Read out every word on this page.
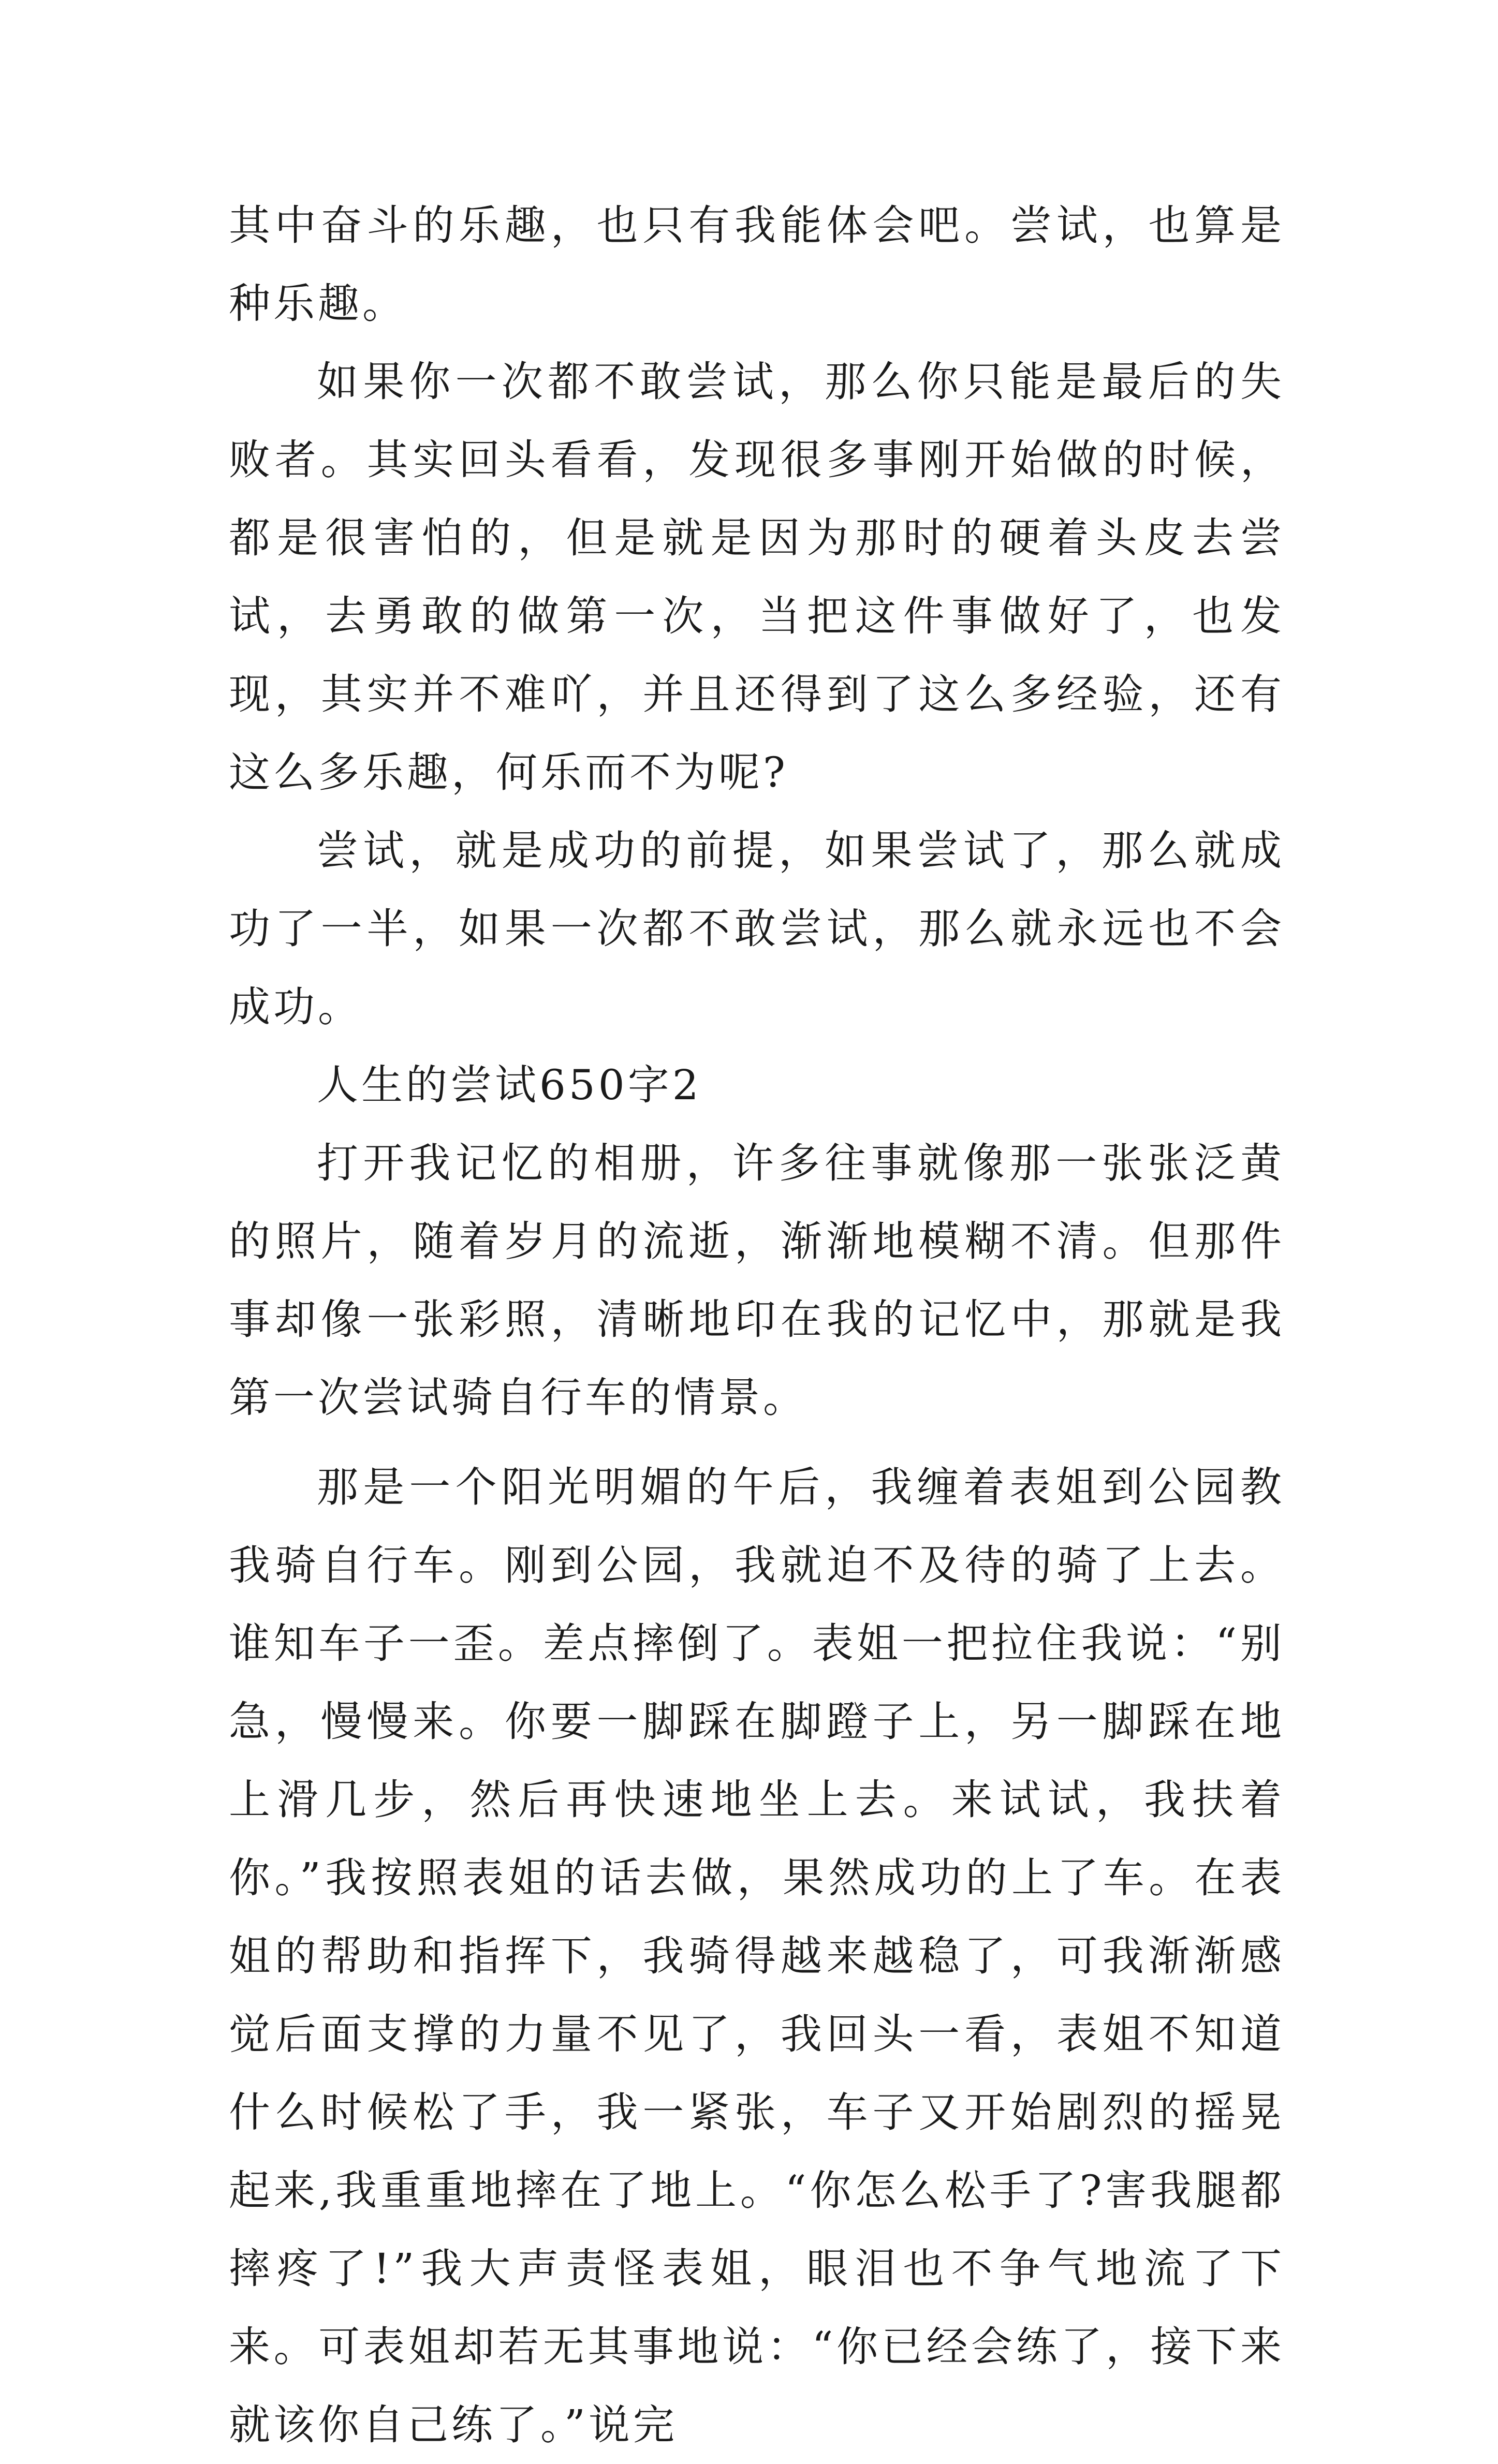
其中奋斗的乐趣，也只有我能体会吧。尝试，也算是种乐趣。

如果你一次都不敢尝试，那么你只能是最后的失败者。其实回头看看，发现很多事刚开始做的时候，都是很害怕的，但是就是因为那时的硬着头皮去尝试，去勇敢的做第一次，当把这件事做好了，也发现，其实并不难吖，并且还得到了这么多经验，还有这么多乐趣，何乐而不为呢?

尝试，就是成功的前提，如果尝试了，那么就成功了一半，如果一次都不敢尝试，那么就永远也不会成功。

人生的尝试650字2

打开我记忆的相册，许多往事就像那一张张泛黄的照片，随着岁月的流逝，渐渐地模糊不清。但那件事却像一张彩照，清晰地印在我的记忆中，那就是我第一次尝试骑自行车的情景。

那是一个阳光明媚的午后，我缠着表姐到公园教我骑自行车。刚到公园，我就迫不及待的骑了上去。谁知车子一歪。差点摔倒了。表姐一把拉住我说：“别急，慢慢来。你要一脚踩在脚蹬子上，另一脚踩在地上滑几步，然后再快速地坐上去。来试试，我扶着你。”我按照表姐的话去做，果然成功的上了车。在表姐的帮助和指挥下，我骑得越来越稳了，可我渐渐感觉后面支撑的力量不见了，我回头一看，表姐不知道什么时候松了手，我一紧张，车子又开始剧烈的摇晃起来,我重重地摔在了地上。“你怎么松手了?害我腿都摔疼了!”我大声责怪表姐，眼泪也不争气地流了下来。可表姐却若无其事地说：“你已经会练了，接下来就该你自己练了。”说完
